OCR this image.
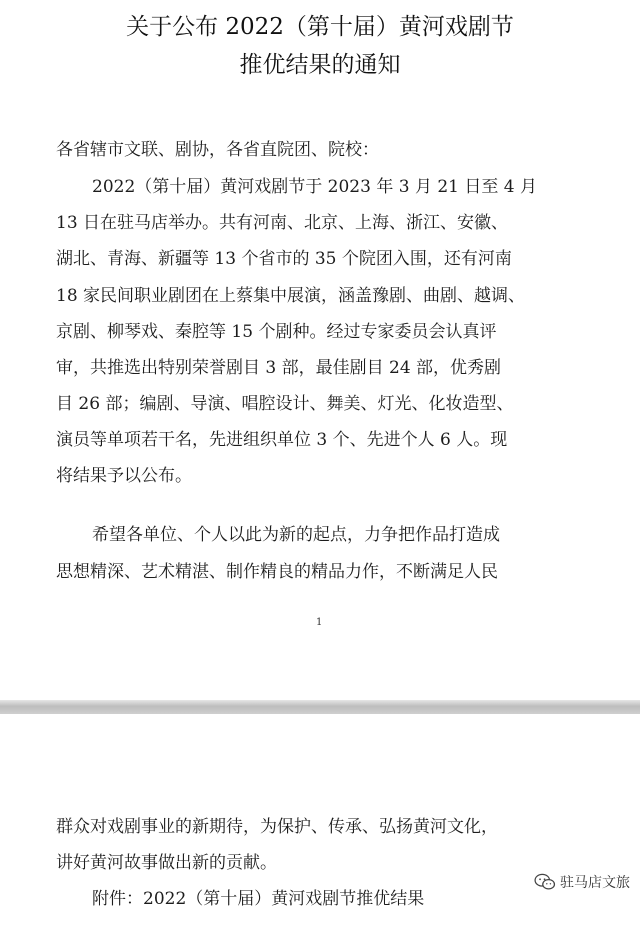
关于公布 2022（第十届）黄河戏剧节
推优结果的通知
各省辖市文联、剧协，各省直院团、院校：
2022（第十届）黄河戏剧节于 2023 年 3 月 21 日至 4 月
13 日在驻马店举办。共有河南、北京、上海、浙江、安徽、
湖北、青海、新疆等 13 个省市的 35 个院团入围，还有河南
18 家民间职业剧团在上蔡集中展演，涵盖豫剧、曲剧、越调、
京剧、柳琴戏、秦腔等 15 个剧种。经过专家委员会认真评
审，共推选出特别荣誉剧目 3 部，最佳剧目 24 部，优秀剧
目 26 部；编剧、导演、唱腔设计、舞美、灯光、化妆造型、
演员等单项若干名，先进组织单位 3 个、先进个人 6 人。现
将结果予以公布。
希望各单位、个人以此为新的起点，力争把作品打造成
思想精深、艺术精湛、制作精良的精品力作，不断满足人民
1
群众对戏剧事业的新期待，为保护、传承、弘扬黄河文化，
讲好黄河故事做出新的贡献。
附件：2022（第十届）黄河戏剧节推优结果
驻马店文旅
